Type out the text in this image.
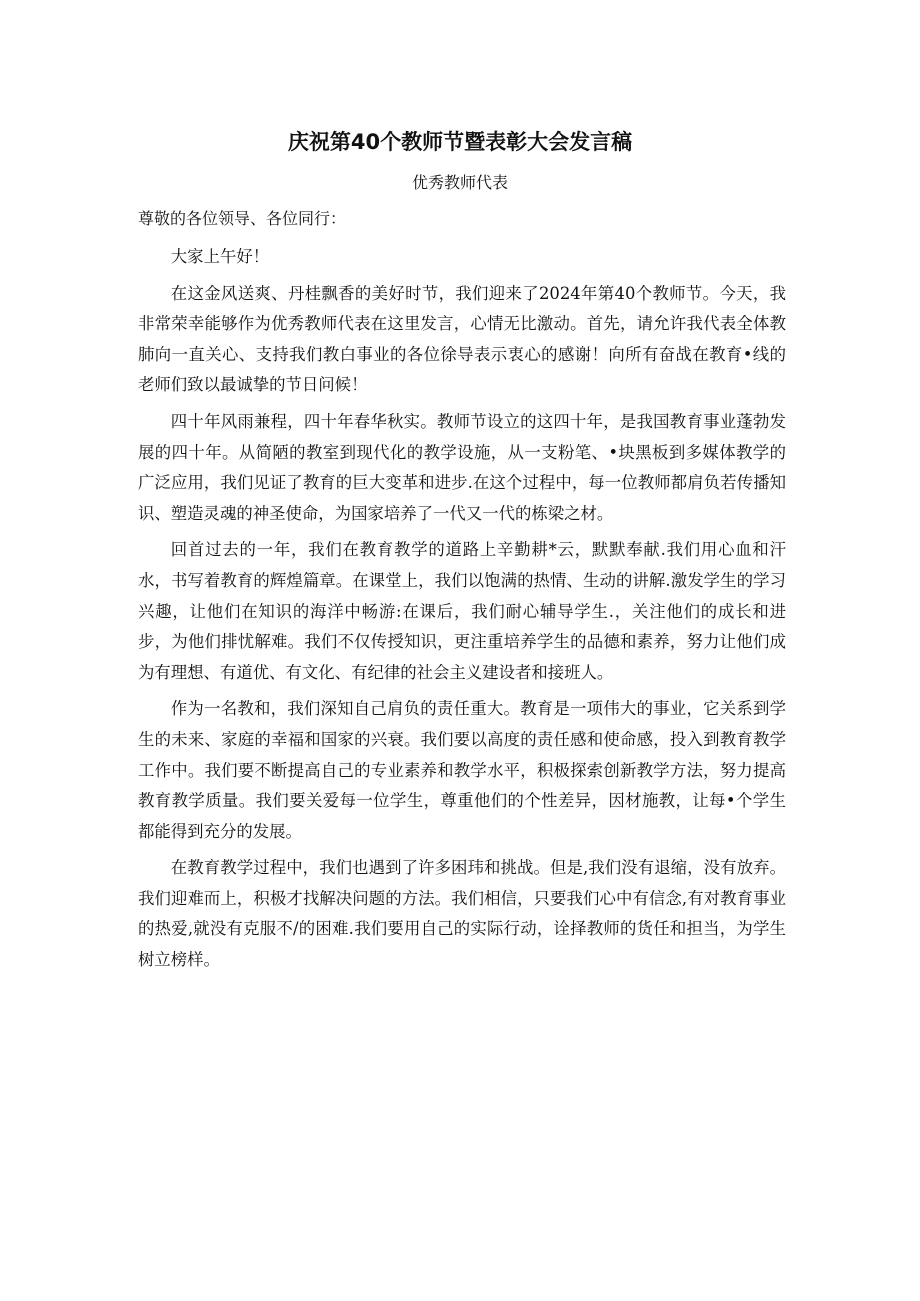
庆祝第40个教师节暨表彰大会发言稿
优秀教师代表
尊敬的各位领导、各位同行：

大家上午好！

在这金风送爽、丹桂飘香的美好时节，我们迎来了2024年第40个教师节。今天，我非常荣幸能够作为优秀教师代表在这里发言，心情无比激动。首先，请允许我代表全体教肺向一直关心、支持我们教白事业的各位徐导表示衷心的感谢！向所有奋战在教育•线的老师们致以最诚挚的节日问候！

四十年风雨兼程，四十年春华秋实。教师节设立的这四十年，是我国教育事业蓬勃发展的四十年。从简陋的教室到现代化的教学设施，从一支粉笔、•块黑板到多媒体教学的广泛应用，我们见证了教育的巨大变革和进步.在这个过程中，每一位教师都肩负若传播知识、塑造灵魂的神圣使命，为国家培养了一代又一代的栋梁之材。

回首过去的一年，我们在教育教学的道路上辛勤耕*云，默默奉献.我们用心血和汗水，书写着教育的辉煌篇章。在课堂上，我们以饱满的热情、生动的讲解.激发学生的学习兴趣，让他们在知识的海洋中畅游:在课后，我们耐心辅导学生.，关注他们的成长和进步，为他们排忧解难。我们不仅传授知识，更注重培养学生的品德和素养，努力让他们成为有理想、有道优、有文化、有纪律的社会主义建设者和接班人。

作为一名教和，我们深知自己肩负的责任重大。教育是一项伟大的事业，它关系到学生的未来、家庭的幸福和国家的兴衰。我们要以高度的责任感和使命感，投入到教育教学工作中。我们要不断提高自己的专业素养和教学水平，积极探索创新教学方法，努力提高教育教学质量。我们要关爱每一位学生，尊重他们的个性差异，因材施教，让每•个学生都能得到充分的发展。

在教育教学过程中，我们也遇到了许多困玮和挑战。但是,我们没有退缩，没有放弃。我们迎难而上，积极才找解决问题的方法。我们相信，只要我们心中有信念,有对教育事业的热爱,就没有克服不/的困难.我们要用自己的实际行动，诠择教师的货任和担当，为学生树立榜样。
